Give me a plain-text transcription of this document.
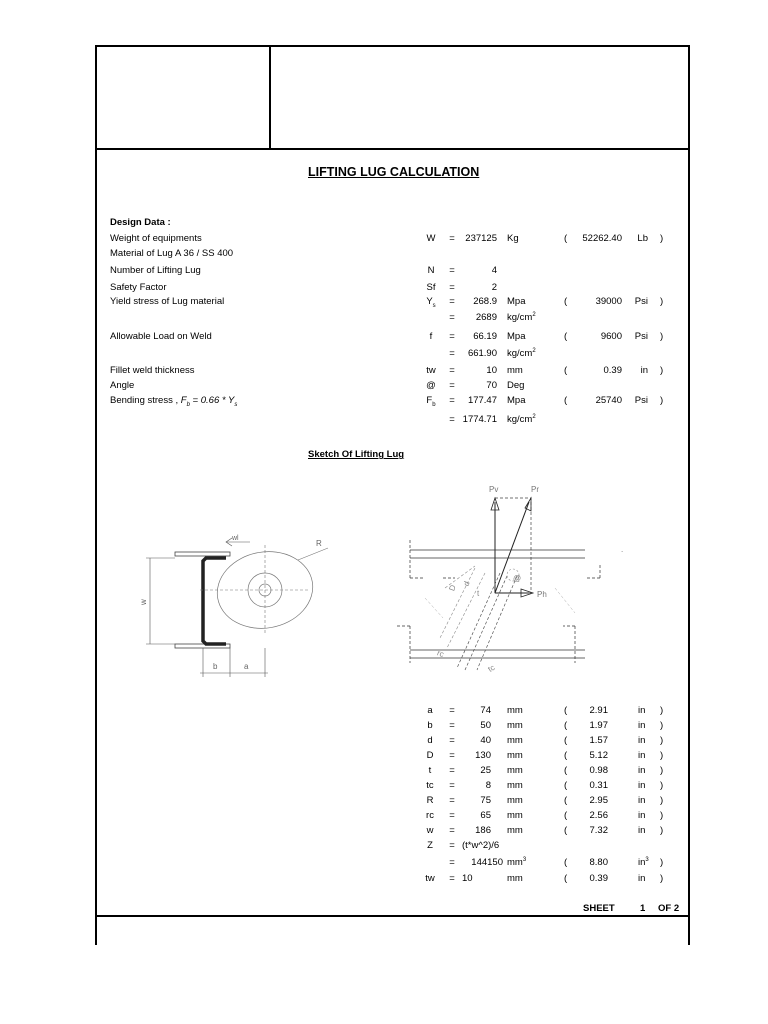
LIFTING LUG CALCULATION
Design Data :
Weight of equipments	W	=	237125 Kg	(	52262.40	Lb )
Material of Lug A 36 / SS 400
Number of Lifting Lug	N	=	4
Safety Factor	Sf	=	2
Yield stress of Lug material	$Y_s$	=	268.9 Mpa	(	39000	Psi )
=	2689 $kg/cm^2$
Allowable Load on Weld	f	=	66.19 Mpa	(	9600	Psi )
=	661.90 $kg/cm^2$
Fillet weld thickness	tw	=	10 mm	(	0.39	in )
Angle	@	=	70 Deg
Bending stress , $F_b = 0.66 * Y_s$	$F_b$	=	177.47 Mpa	(	25740	Psi )
= 1774.71 $kg/cm^2$
Sketch Of Lifting Lug
w
R
wl
b	a
Pv	Pr
Ph
@
.
D
d
t
rc
tc
a	=	74 mm	(	2.91	in )
b	=	50 mm	(	1.97	in )
d	=	40 mm	(	1.57	in )
D	=	130 mm	(	5.12	in )
t	=	25 mm	(	0.98	in )
tc	=	8 mm	(	0.31	in )
R	=	75 mm	(	2.95	in )
rc	=	65 mm	(	2.56	in )
w	=	186 mm	(	7.32	in )
Z	= (t*w^2)/6
=	144150 $mm^3$	(	8.80	$in^3$ )
tw	= 10	mm	(	0.39	in )
SHEET	1 OF 2
